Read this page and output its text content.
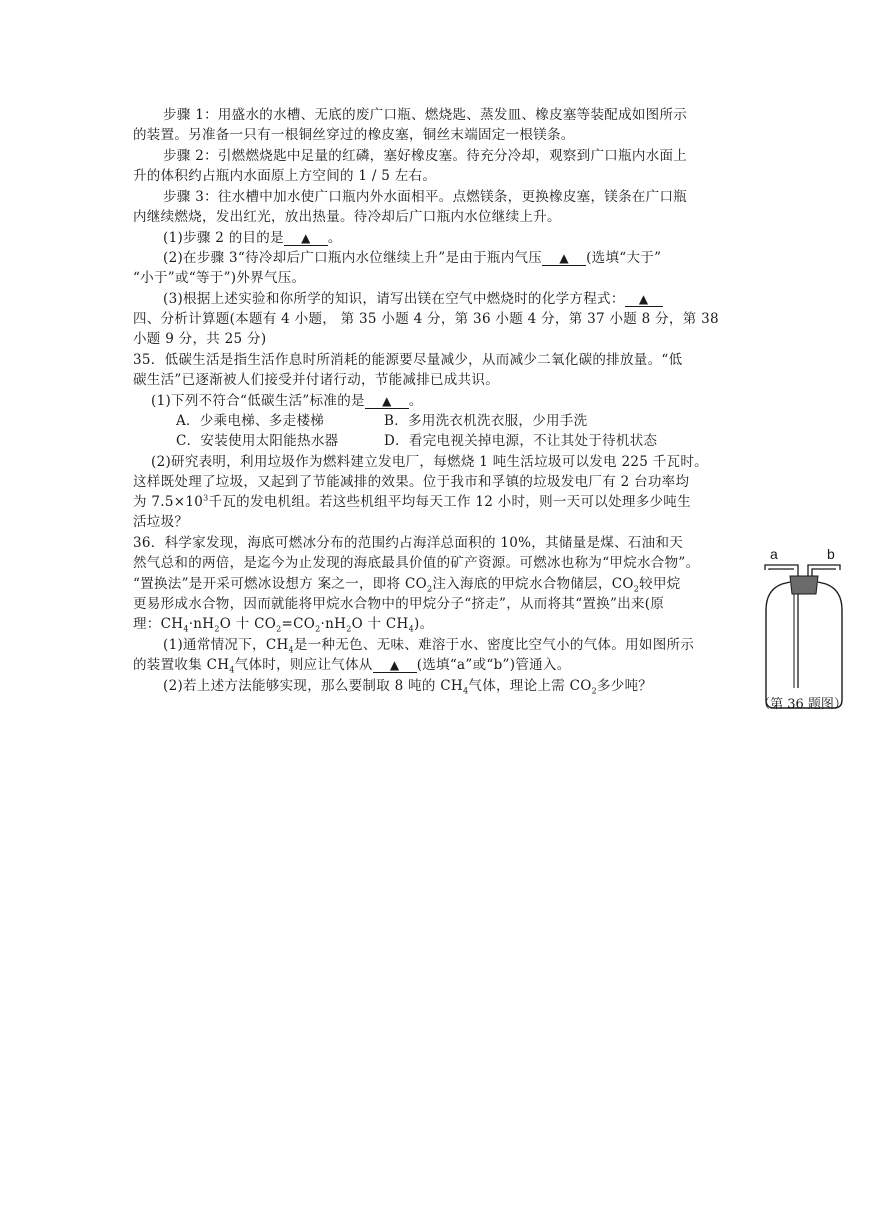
步骤 1：用盛水的水槽、无底的废广口瓶、燃烧匙、蒸发皿、橡皮塞等装配成如图所示
的装置。另准备一只有一根铜丝穿过的橡皮塞，铜丝末端固定一根镁条。
步骤 2：引燃燃烧匙中足量的红磷，塞好橡皮塞。待充分冷却，观察到广口瓶内水面上
升的体积约占瓶内水面原上方空间的 1 / 5 左右。
步骤 3：往水槽中加水使广口瓶内外水面相平。点燃镁条，更换橡皮塞，镁条在广口瓶
内继续燃烧，发出红光，放出热量。待冷却后广口瓶内水位继续上升。
(1)步骤 2 的目的是 ▲ 。
(2)在步骤 3“待冷却后广口瓶内水位继续上升”是由于瓶内气压 ▲ (选填“大于”
“小于”或“等于”)外界气压。
(3)根据上述实验和你所学的知识，请写出镁在空气中燃烧时的化学方程式： ▲
四、分析计算题(本题有 4 小题， 第 35 小题 4 分，第 36 小题 4 分，第 37 小题 8 分，第 38
小题 9 分，共 25 分)
35．低碳生活是指生活作息时所消耗的能源要尽量减少，从而减少二氧化碳的排放量。“低
碳生活”已逐渐被人们接受并付诸行动，节能减排已成共识。
(1)下列不符合“低碳生活”标准的是 ▲ 。
A．少乘电梯、多走楼梯	B．多用洗衣机洗衣服，少用手洗
C．安装使用太阳能热水器	D．看完电视关掉电源，不让其处于待机状态
(2)研究表明，利用垃圾作为燃料建立发电厂，每燃烧 1 吨生活垃圾可以发电 225 千瓦时。
这样既处理了垃圾，又起到了节能减排的效果。位于我市和孚镇的垃圾发电厂有 2 台功率均
为 $7.5\times 10^3$千瓦的发电机组。若这些机组平均每天工作 12 小时，则一天可以处理多少吨生
活垃圾？
36．科学家发现，海底可燃冰分布的范围约占海洋总面积的 10%，其储量是煤、石油和天
然气总和的两倍，是迄今为止发现的海底最具价值的矿产资源。可燃冰也称为“甲烷水合物”。
“置换法”是开采可燃冰设想方 案之一，即将 $CO_2$注入海底的甲烷水合物储层，$CO_2$较甲烷
更易形成水合物，因而就能将甲烷水合物中的甲烷分子“挤走”，从而将其“置换”出来(原
理：$CH_4\cdot nH_2O$ 十 $CO_2=CO_2\cdot nH_2O$ 十 $CH_4$)。
(1)通常情况下，$CH_4$是一种无色、无味、难溶于水、密度比空气小的气体。用如图所示
的装置收集 $CH_4$气体时，则应让气体从 ▲ (选填“a”或“b”)管通入。
(2)若上述方法能够实现，那么要制取 8 吨的 $CH_4$气体，理论上需 $CO_2$多少吨？
a	b
（第 36 题图）
